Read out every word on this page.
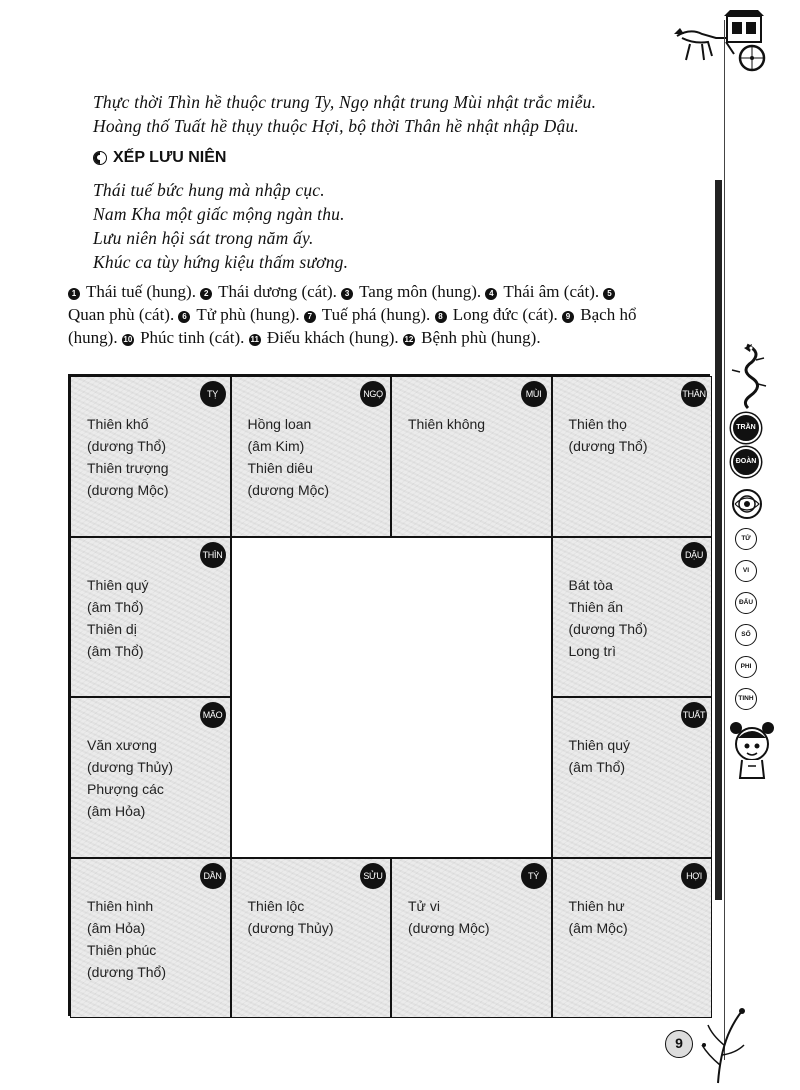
Thực thời Thìn hề thuộc trung Ty, Ngọ nhật trung Mùi nhật trắc miễu.
Hoàng thố Tuất hề thụy thuộc Hợi, bộ thời Thân hề nhật nhập Dậu.
XẾP LƯU NIÊN
Thái tuế bức hung mà nhập cục.
Nam Kha một giấc mộng ngàn thu.
Lưu niên hội sát trong năm ấy.
Khúc ca tùy hứng kiệu thấm sương.
1 Thái tuế (hung). 2 Thái dương (cát). 3 Tang môn (hung). 4 Thái âm (cát). 5
Quan phù (cát). 6 Tử phù (hung). 7 Tuế phá (hung). 8 Long đức (cát). 9 Bạch hổ
(hung). 10 Phúc tinh (cát). 11 Điếu khách (hung). 12 Bệnh phù (hung).
TỴ
Thiên khố
(dương Thổ)
Thiên trượng
(dương Mộc)
NGỌ
Hồng loan
(âm Kim)
Thiên diêu
(dương Mộc)
MÙI
Thiên không
THÂN
Thiên thọ
(dương Thổ)
THÌN
Thiên quý
(âm Thổ)
Thiên dị
(âm Thổ)
DẬU
Bát tòa
Thiên ấn
(dương Thổ)
Long trì
MÃO
Văn xương
(dương Thủy)
Phượng các
(âm Hỏa)
TUẤT
Thiên quý
(âm Thổ)
DẦN
Thiên hình
(âm Hỏa)
Thiên phúc
(dương Thổ)
SỬU
Thiên lộc
(dương Thủy)
TÝ
Tử vi
(dương Mộc)
HỢI
Thiên hư
(âm Mộc)
TRẦN
ĐOÀN
TỬ
VI
ĐẨU
SỐ
PHI
TINH
9
